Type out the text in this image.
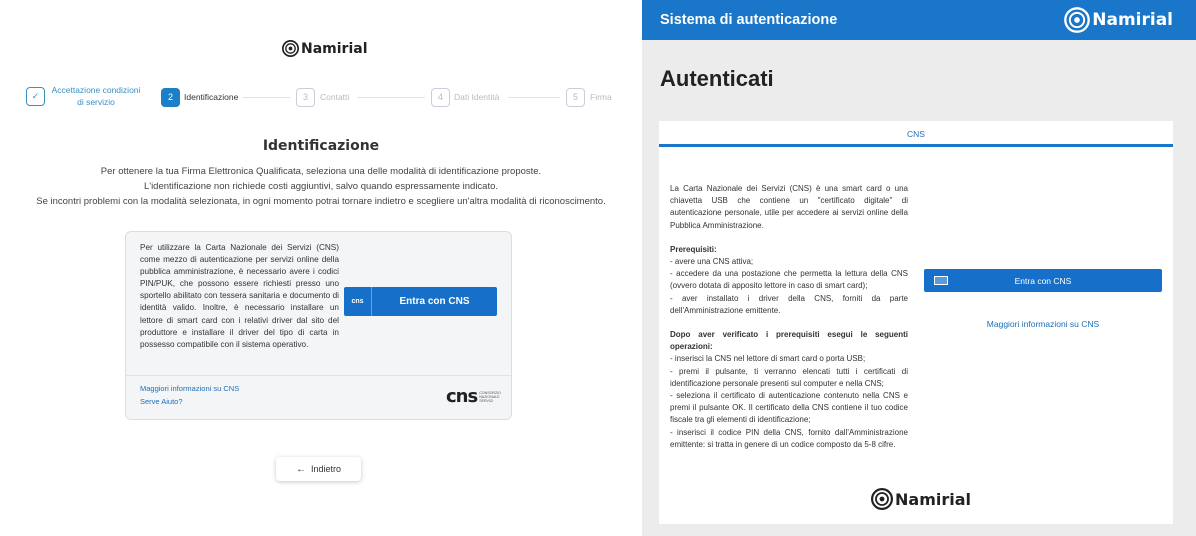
Namirial
✓
Accettazione condizioni di servizio	2	Identificazione	3	Contatti	4	Dati Identità	5	Firma
Identificazione
Per ottenere la tua Firma Elettronica Qualificata, seleziona una delle modalità di identificazione proposte.
L'identificazione non richiede costi aggiuntivi, salvo quando espressamente indicato.
Se incontri problemi con la modalità selezionata, in ogni momento potrai tornare indietro e scegliere un'altra modalità di riconoscimento.
Per utilizzare la Carta Nazionale dei Servizi (CNS) come mezzo di autenticazione per servizi online della pubblica amministrazione, è necessario avere i codici PIN/PUK, che possono essere richiesti presso uno sportello abilitato con tessera sanitaria e documento di identità valido. Inoltre, è necessario installare un lettore di smart card con i relativi driver dal sito del produttore e installare il driver del tipo di carta in possesso compatibile con il sistema operativo.
cns	Entra con CNS
Maggiori informazioni su CNS
Serve Aiuto?	cns CONSORZIO NAZIONALE SERVIZI
← Indietro
Sistema di autenticazione	Namirial
Autenticati
CNS

La Carta Nazionale dei Servizi (CNS) è una smart card o una chiavetta USB che contiene un "certificato digitale" di autenticazione personale, utile per accedere ai servizi online della Pubblica Amministrazione.

Prerequisiti:
- avere una CNS attiva;
- accedere da una postazione che permetta la lettura della CNS (ovvero dotata di apposito lettore in caso di smart card);
- aver installato i driver della CNS, forniti da parte dell'Amministrazione emittente.

Dopo aver verificato i prerequisiti esegui le seguenti operazioni:
- inserisci la CNS nel lettore di smart card o porta USB;
- premi il pulsante, ti verranno elencati tutti i certificati di identificazione personale presenti sul computer e nella CNS;
- seleziona il certificato di autenticazione contenuto nella CNS e premi il pulsante OK. Il certificato della CNS contiene il tuo codice fiscale tra gli elementi di identificazione;
- inserisci il codice PIN della CNS, fornito dall'Amministrazione emittente: si tratta in genere di un codice composto da 5-8 cifre.

Entra con CNS
Maggiori informazioni su CNS
Namirial
